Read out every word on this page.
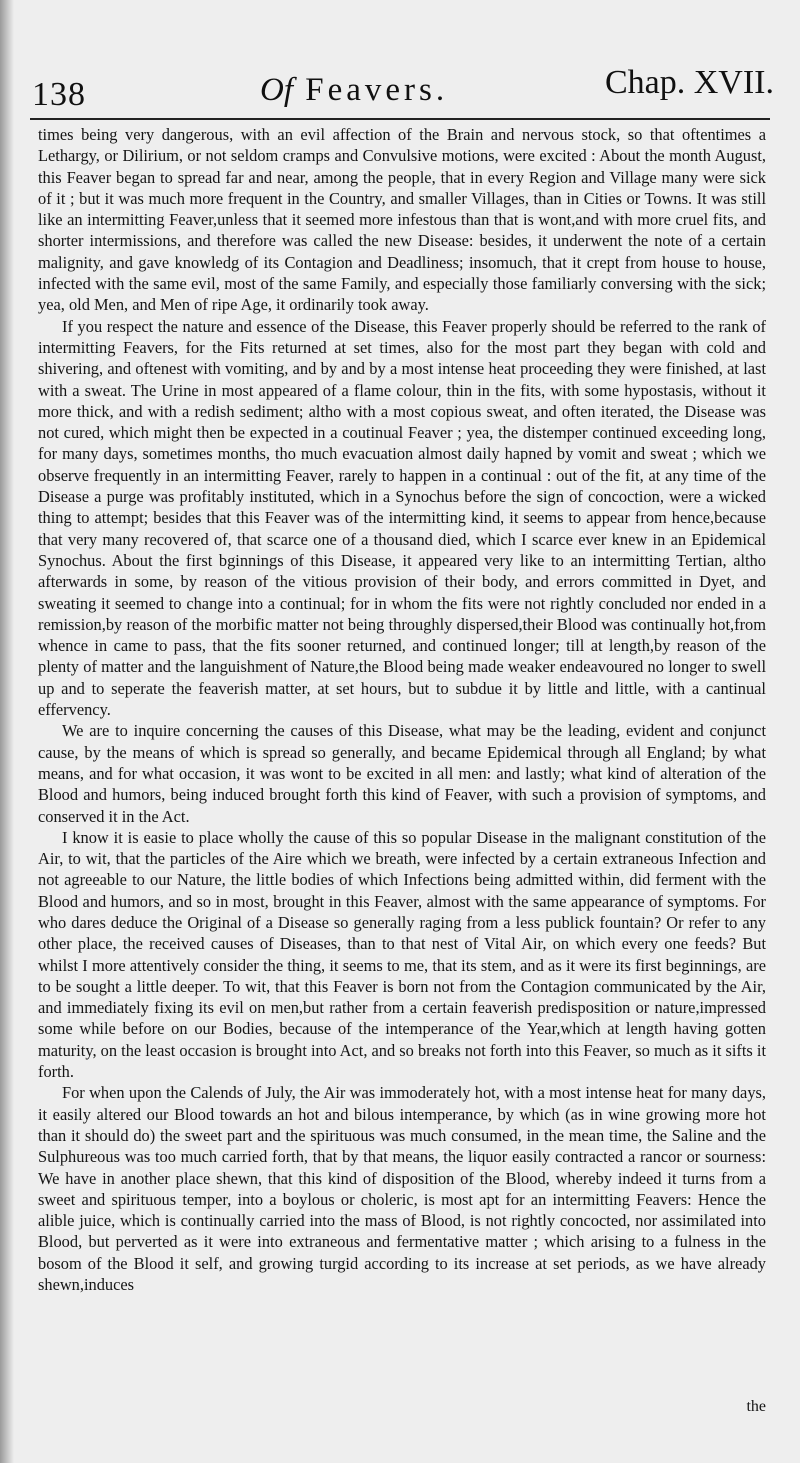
138	Of Feavers.	Chap. XVII.

times being very dangerous, with an evil affection of the Brain and nervous stock, so that oftentimes a Lethargy, or Dilirium, or not seldom cramps and Convulsive motions, were excited : About the month August, this Feaver began to spread far and near, among the people, that in every Region and Village many were sick of it ; but it was much more frequent in the Country, and smaller Villages, than in Cities or Towns. It was still like an intermitting Feaver,unless that it seemed more infestous than that is wont,and with more cruel fits, and shorter intermissions, and therefore was called the new Disease: besides, it underwent the note of a certain malignity, and gave knowledg of its Contagion and Deadliness; insomuch, that it crept from house to house, infected with the same evil, most of the same Family, and especially those familiarly conversing with the sick; yea, old Men, and Men of ripe Age, it ordinarily took away.

If you respect the nature and essence of the Disease, this Feaver properly should be referred to the rank of intermitting Feavers, for the Fits returned at set times, also for the most part they began with cold and shivering, and oftenest with vomiting, and by and by a most intense heat proceeding they were finished, at last with a sweat. The Urine in most appeared of a flame colour, thin in the fits, with some hypostasis, without it more thick, and with a redish sediment; altho with a most copious sweat, and often iterated, the Disease was not cured, which might then be expected in a coutinual Feaver ; yea, the distemper continued exceeding long, for many days, sometimes months, tho much evacuation almost daily hapned by vomit and sweat ; which we observe frequently in an intermitting Feaver, rarely to happen in a continual : out of the fit, at any time of the Disease a purge was profitably instituted, which in a Synochus before the sign of concoction, were a wicked thing to attempt; besides that this Feaver was of the intermitting kind, it seems to appear from hence,because that very many recovered of, that scarce one of a thousand died, which I scarce ever knew in an Epidemical Synochus. About the first bginnings of this Disease, it appeared very like to an intermitting Tertian, altho afterwards in some, by reason of the vitious provision of their body, and errors committed in Dyet, and sweating it seemed to change into a continual; for in whom the fits were not rightly concluded nor ended in a remission,by reason of the morbific matter not being throughly dispersed,their Blood was continually hot,from whence in came to pass, that the fits sooner returned, and continued longer; till at length,by reason of the plenty of matter and the languishment of Nature,the Blood being made weaker endeavoured no longer to swell up and to seperate the feaverish matter, at set hours, but to subdue it by little and little, with a cantinual effervency.

We are to inquire concerning the causes of this Disease, what may be the leading, evident and conjunct cause, by the means of which is spread so generally, and became Epidemical through all England; by what means, and for what occasion, it was wont to be excited in all men: and lastly; what kind of alteration of the Blood and humors, being induced brought forth this kind of Feaver, with such a provision of symptoms, and conserved it in the Act.

I know it is easie to place wholly the cause of this so popular Disease in the malignant constitution of the Air, to wit, that the particles of the Aire which we breath, were infected by a certain extraneous Infection and not agreeable to our Nature, the little bodies of which Infections being admitted within, did ferment with the Blood and humors, and so in most, brought in this Feaver, almost with the same appearance of symptoms. For who dares deduce the Original of a Disease so generally raging from a less publick fountain? Or refer to any other place, the received causes of Diseases, than to that nest of Vital Air, on which every one feeds? But whilst I more attentively consider the thing, it seems to me, that its stem, and as it were its first beginnings, are to be sought a little deeper. To wit, that this Feaver is born not from the Contagion communicated by the Air, and immediately fixing its evil on men,but rather from a certain feaverish predisposition or nature,impressed some while before on our Bodies, because of the intemperance of the Year,which at length having gotten maturity, on the least occasion is brought into Act, and so breaks not forth into this Feaver, so much as it sifts it forth.

For when upon the Calends of July, the Air was immoderately hot, with a most intense heat for many days, it easily altered our Blood towards an hot and bilous intemperance, by which (as in wine growing more hot than it should do) the sweet part and the spirituous was much consumed, in the mean time, the Saline and the Sulphureous was too much carried forth, that by that means, the liquor easily contracted a rancor or sourness: We have in another place shewn, that this kind of disposition of the Blood, whereby indeed it turns from a sweet and spirituous temper, into a boylous or choleric, is most apt for an intermitting Feavers: Hence the alible juice, which is continually carried into the mass of Blood, is not rightly concocted, nor assimilated into Blood, but perverted as it were into extraneous and fermentative matter ; which arising to a fulness in the bosom of the Blood it self, and growing turgid according to its increase at set periods, as we have already shewn,induces

the
